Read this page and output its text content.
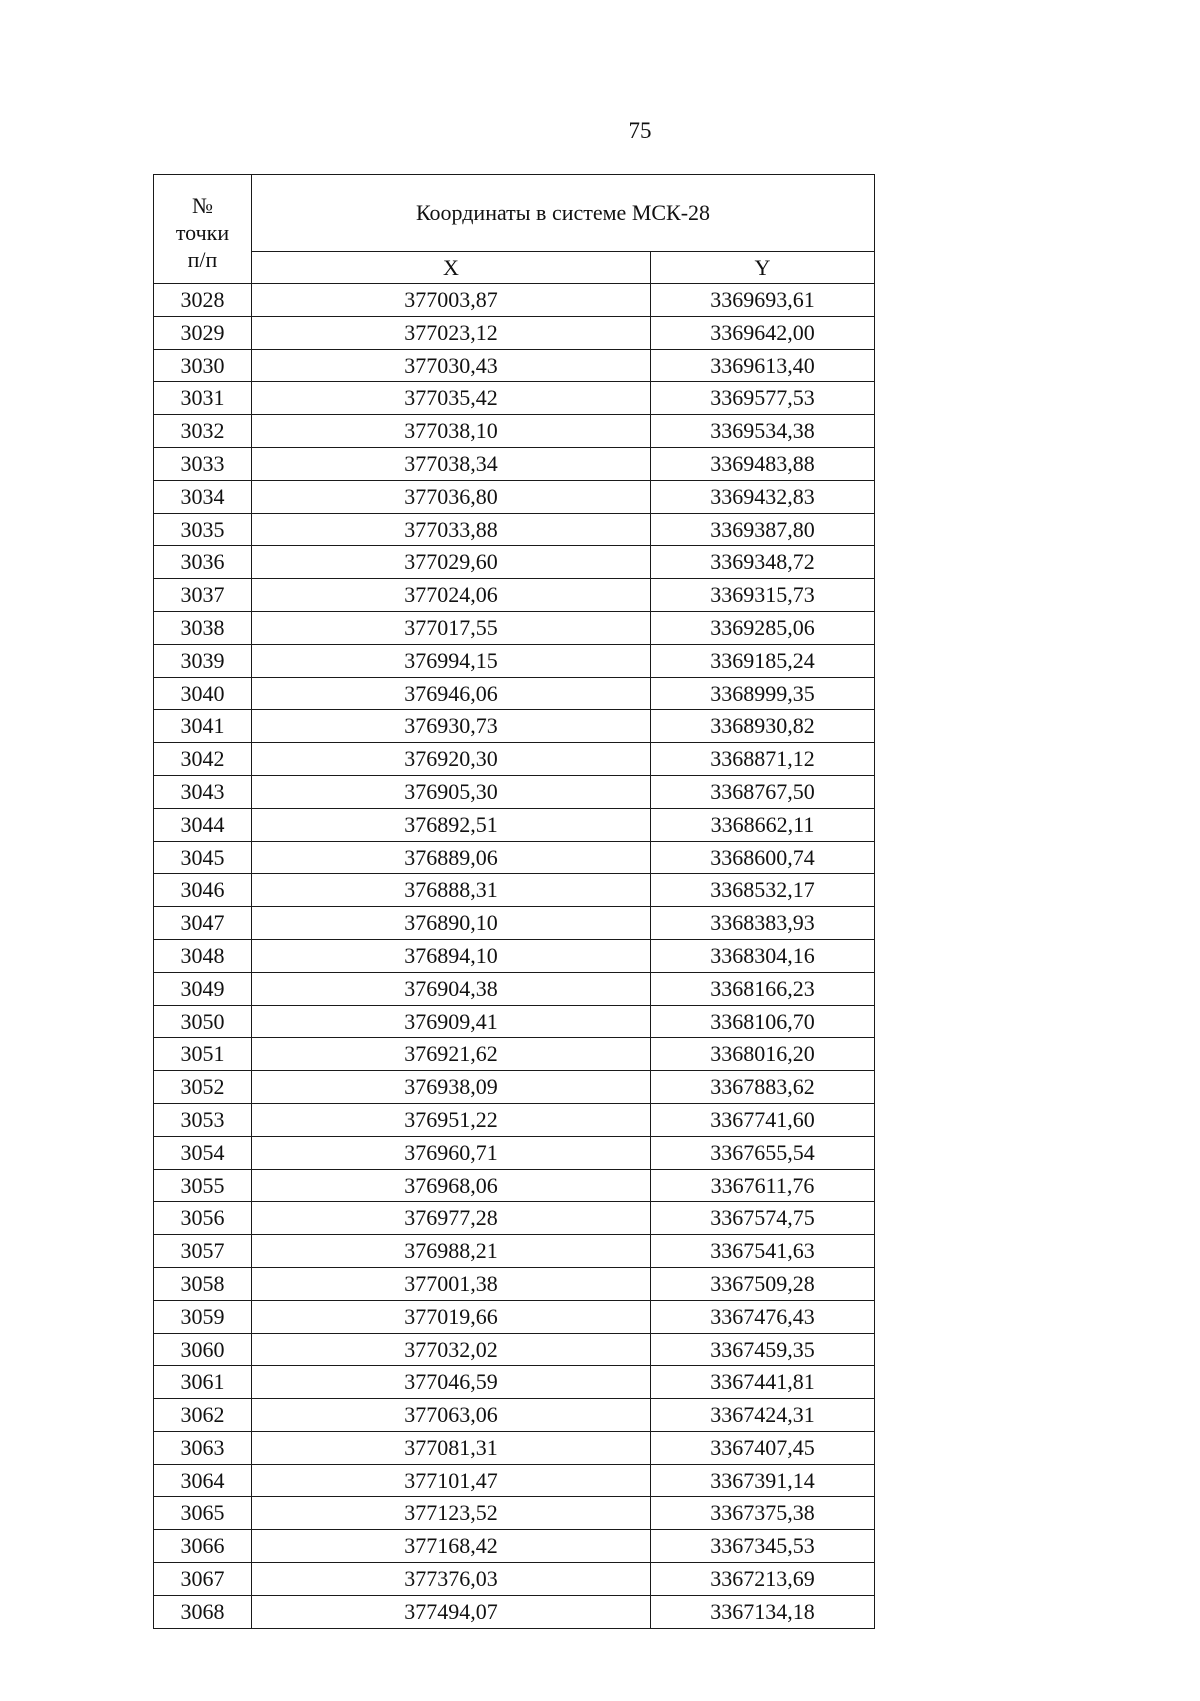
75
№
точки
п/п	Координаты в системе МСК-28	
	X	Y
3028	377003,87	3369693,61
3029	377023,12	3369642,00
3030	377030,43	3369613,40
3031	377035,42	3369577,53
3032	377038,10	3369534,38
3033	377038,34	3369483,88
3034	377036,80	3369432,83
3035	377033,88	3369387,80
3036	377029,60	3369348,72
3037	377024,06	3369315,73
3038	377017,55	3369285,06
3039	376994,15	3369185,24
3040	376946,06	3368999,35
3041	376930,73	3368930,82
3042	376920,30	3368871,12
3043	376905,30	3368767,50
3044	376892,51	3368662,11
3045	376889,06	3368600,74
3046	376888,31	3368532,17
3047	376890,10	3368383,93
3048	376894,10	3368304,16
3049	376904,38	3368166,23
3050	376909,41	3368106,70
3051	376921,62	3368016,20
3052	376938,09	3367883,62
3053	376951,22	3367741,60
3054	376960,71	3367655,54
3055	376968,06	3367611,76
3056	376977,28	3367574,75
3057	376988,21	3367541,63
3058	377001,38	3367509,28
3059	377019,66	3367476,43
3060	377032,02	3367459,35
3061	377046,59	3367441,81
3062	377063,06	3367424,31
3063	377081,31	3367407,45
3064	377101,47	3367391,14
3065	377123,52	3367375,38
3066	377168,42	3367345,53
3067	377376,03	3367213,69
3068	377494,07	3367134,18
